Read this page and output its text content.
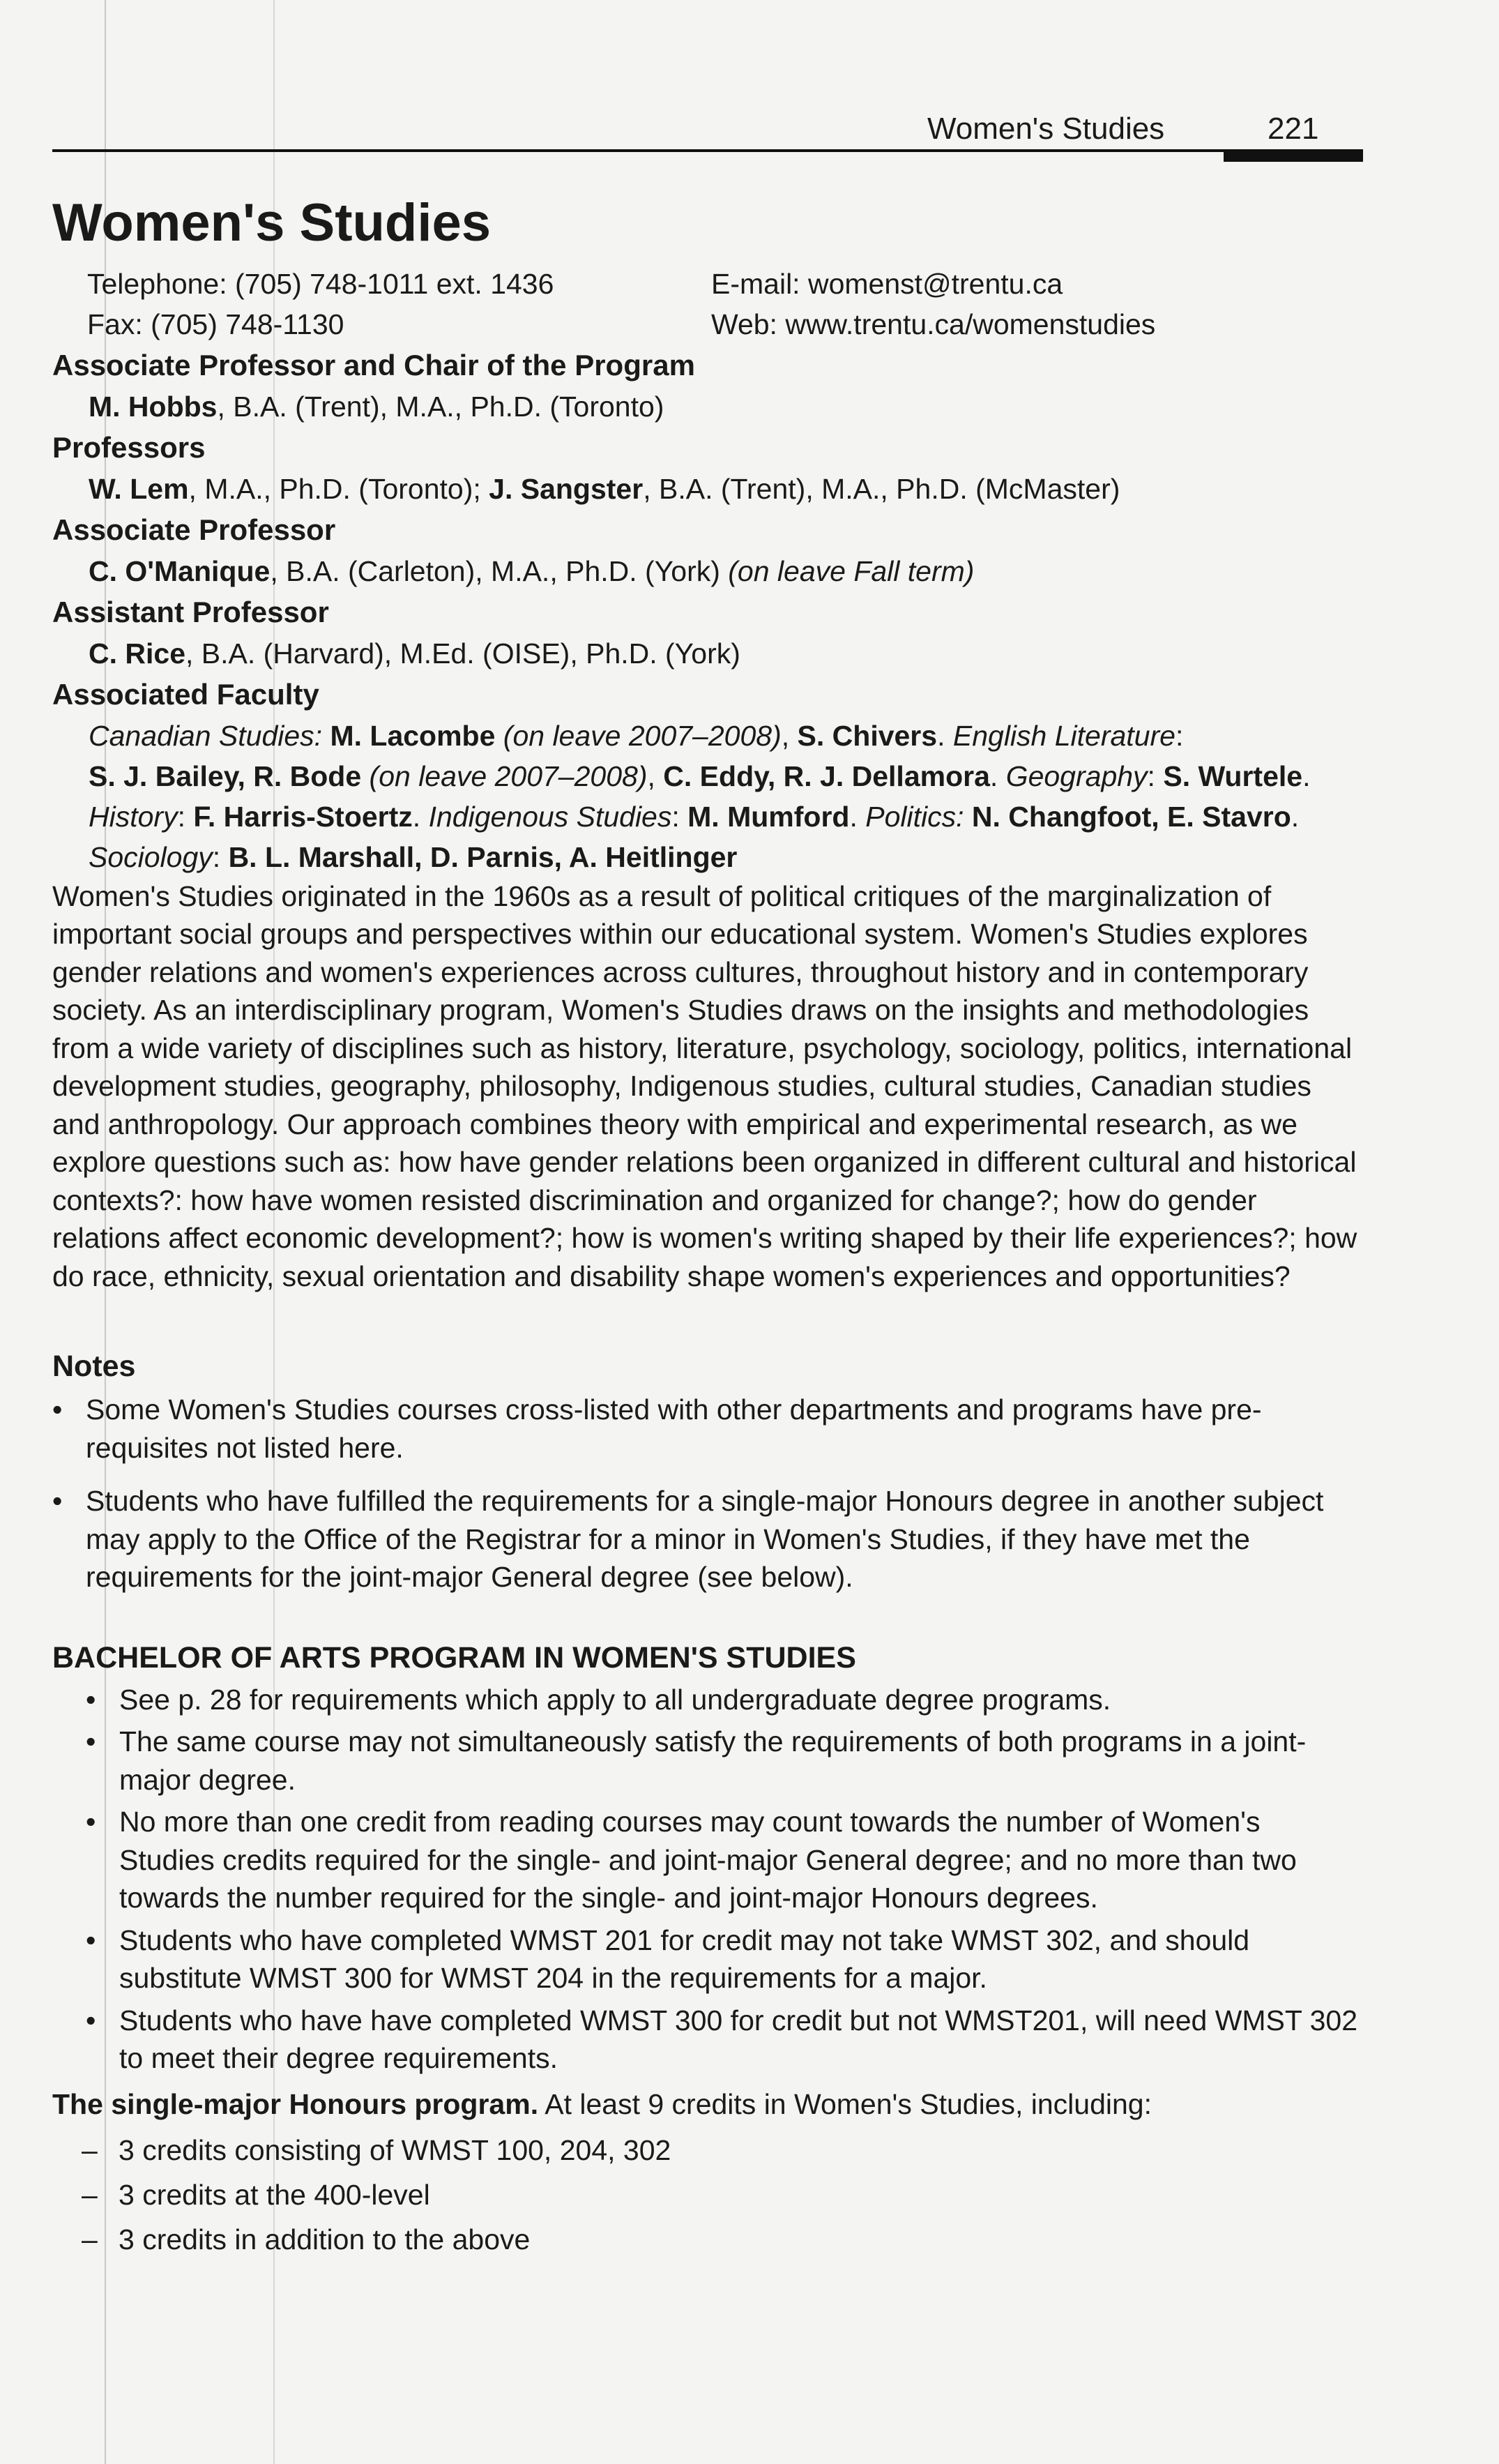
Women's Studies	221
Women's Studies
Telephone: (705) 748-1011 ext. 1436	E-mail: womenst@trentu.ca
Fax: (705) 748-1130	Web: www.trentu.ca/womenstudies

Associate Professor and Chair of the Program

M. Hobbs, B.A. (Trent), M.A., Ph.D. (Toronto)

Professors

W. Lem, M.A., Ph.D. (Toronto); J. Sangster, B.A. (Trent), M.A., Ph.D. (McMaster)

Associate Professor

C. O'Manique, B.A. (Carleton), M.A., Ph.D. (York) (on leave Fall term)

Assistant Professor

C. Rice, B.A. (Harvard), M.Ed. (OISE), Ph.D. (York)

Associated Faculty

Canadian Studies: M. Lacombe (on leave 2007–2008), S. Chivers. English Literature:
S. J. Bailey, R. Bode (on leave 2007–2008), C. Eddy, R. J. Dellamora. Geography: S. Wurtele.
History: F. Harris-Stoertz. Indigenous Studies: M. Mumford. Politics: N. Changfoot, E. Stavro.
Sociology: B. L. Marshall, D. Parnis, A. Heitlinger

Women's Studies originated in the 1960s as a result of political critiques of the marginalization of important social groups and perspectives within our educational system. Women's Studies explores gender relations and women's experiences across cultures, throughout history and in contemporary society. As an interdisciplinary program, Women's Studies draws on the insights and methodologies from a wide variety of disciplines such as history, literature, psychology, sociology, politics, international development studies, geography, philosophy, Indigenous studies, cultural studies, Canadian studies and anthropology. Our approach combines theory with empirical and experimental research, as we explore questions such as: how have gender relations been organized in different cultural and historical contexts?: how have women resisted discrimination and organized for change?; how do gender relations affect economic development?; how is women's writing shaped by their life experiences?; how do race, ethnicity, sexual orientation and disability shape women's experiences and opportunities?

Notes

• Some Women's Studies courses cross-listed with other departments and programs have pre-requisites not listed here.
• Students who have fulfilled the requirements for a single-major Honours degree in another subject may apply to the Office of the Registrar for a minor in Women's Studies, if they have met the requirements for the joint-major General degree (see below).

BACHELOR OF ARTS PROGRAM IN WOMEN'S STUDIES

• See p. 28 for requirements which apply to all undergraduate degree programs.
• The same course may not simultaneously satisfy the requirements of both programs in a joint-major degree.
• No more than one credit from reading courses may count towards the number of Women's Studies credits required for the single- and joint-major General degree; and no more than two towards the number required for the single- and joint-major Honours degrees.
• Students who have completed WMST 201 for credit may not take WMST 302, and should substitute WMST 300 for WMST 204 in the requirements for a major.
• Students who have have completed WMST 300 for credit but not WMST201, will need WMST 302 to meet their degree requirements.

The single-major Honours program. At least 9 credits in Women's Studies, including:

– 3 credits consisting of WMST 100, 204, 302
– 3 credits at the 400-level
– 3 credits in addition to the above
